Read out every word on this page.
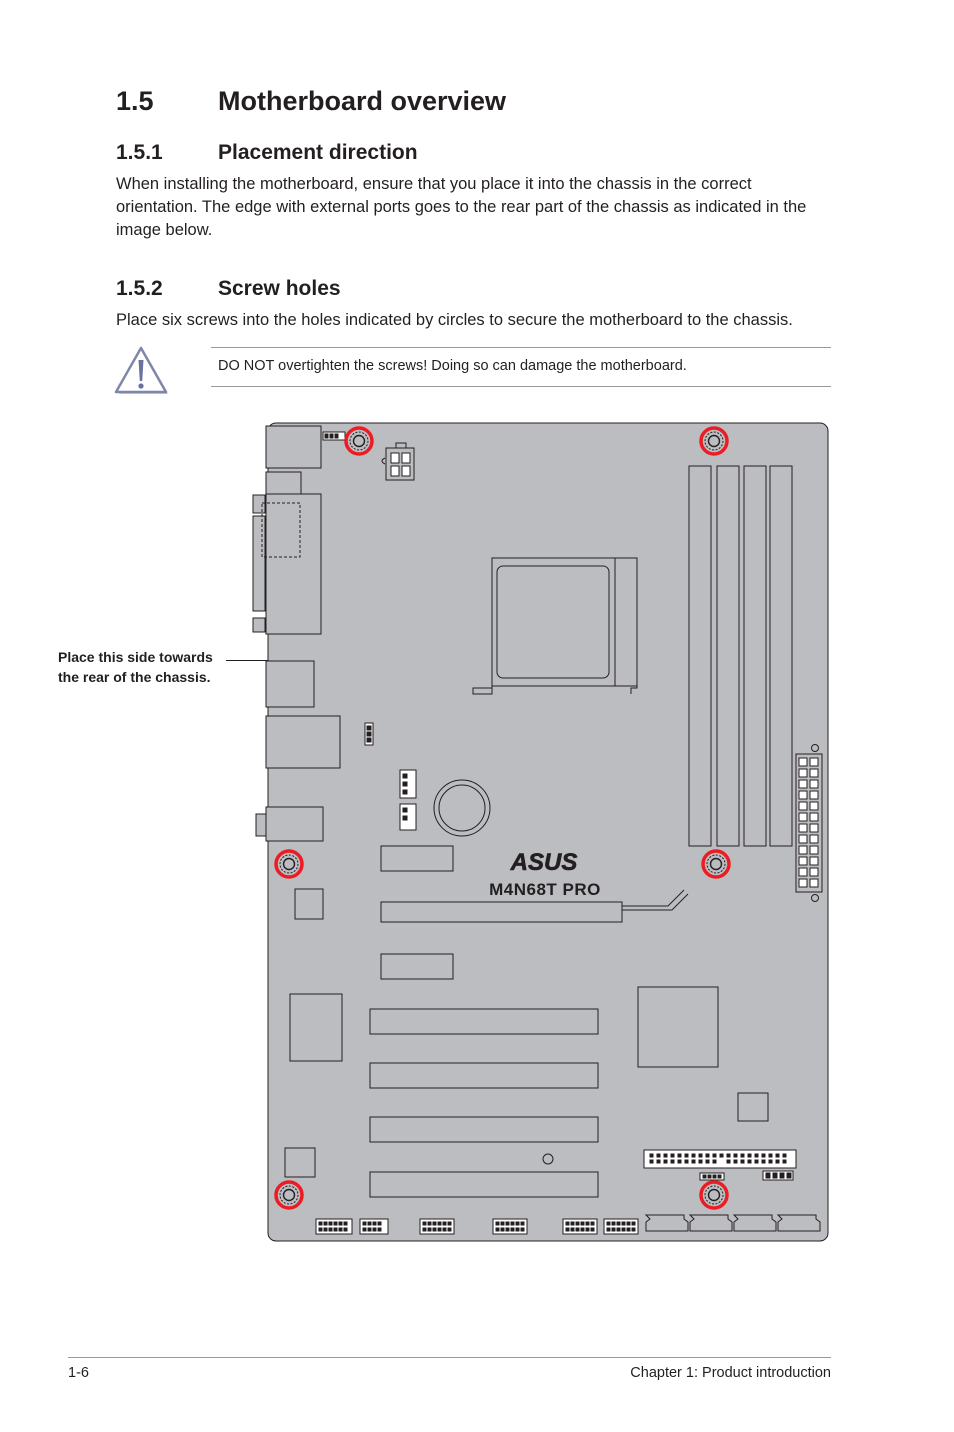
1.5 Motherboard overview
1.5.1	Placement direction
When installing the motherboard, ensure that you place it into the chassis in the correct orientation. The edge with external ports goes to the rear part of the chassis as indicated in the image below.
1.5.2	Screw holes
Place six screws into the holes indicated by circles to secure the motherboard to the chassis.
DO NOT overtighten the screws! Doing so can damage the motherboard.
Place this side towards
the rear of the chassis.
ASUS
M4N68T PRO
1-6	Chapter 1: Product introduction
